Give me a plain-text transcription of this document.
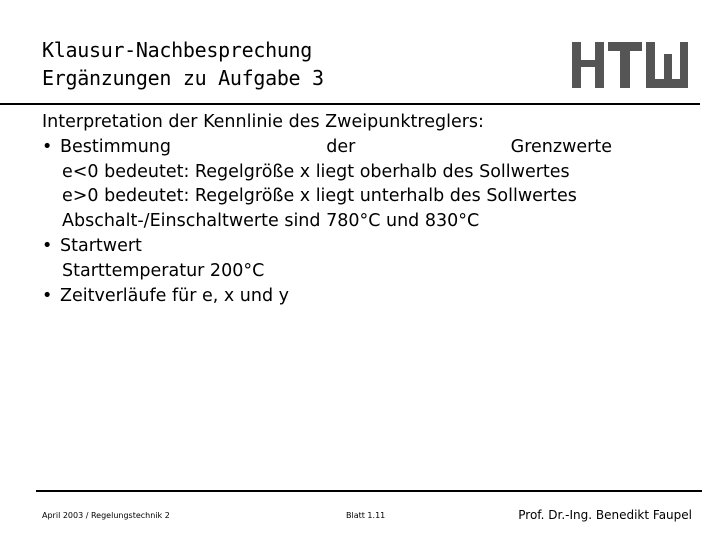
Klausur-Nachbesprechung
Ergänzungen zu Aufgabe 3
Interpretation der Kennlinie des Zweipunktreglers:
• Bestimmung	der	Grenzwerte
e<0 bedeutet: Regelgröße x liegt oberhalb des Sollwertes
e>0 bedeutet: Regelgröße x liegt unterhalb des Sollwertes
Abschalt-/Einschaltwerte sind 780°C und 830°C
• Startwert
Starttemperatur 200°C
• Zeitverläufe für e, x und y
April 2003 / Regelungstechnik 2	Blatt 1.11	Prof. Dr.-Ing. Benedikt Faupel
